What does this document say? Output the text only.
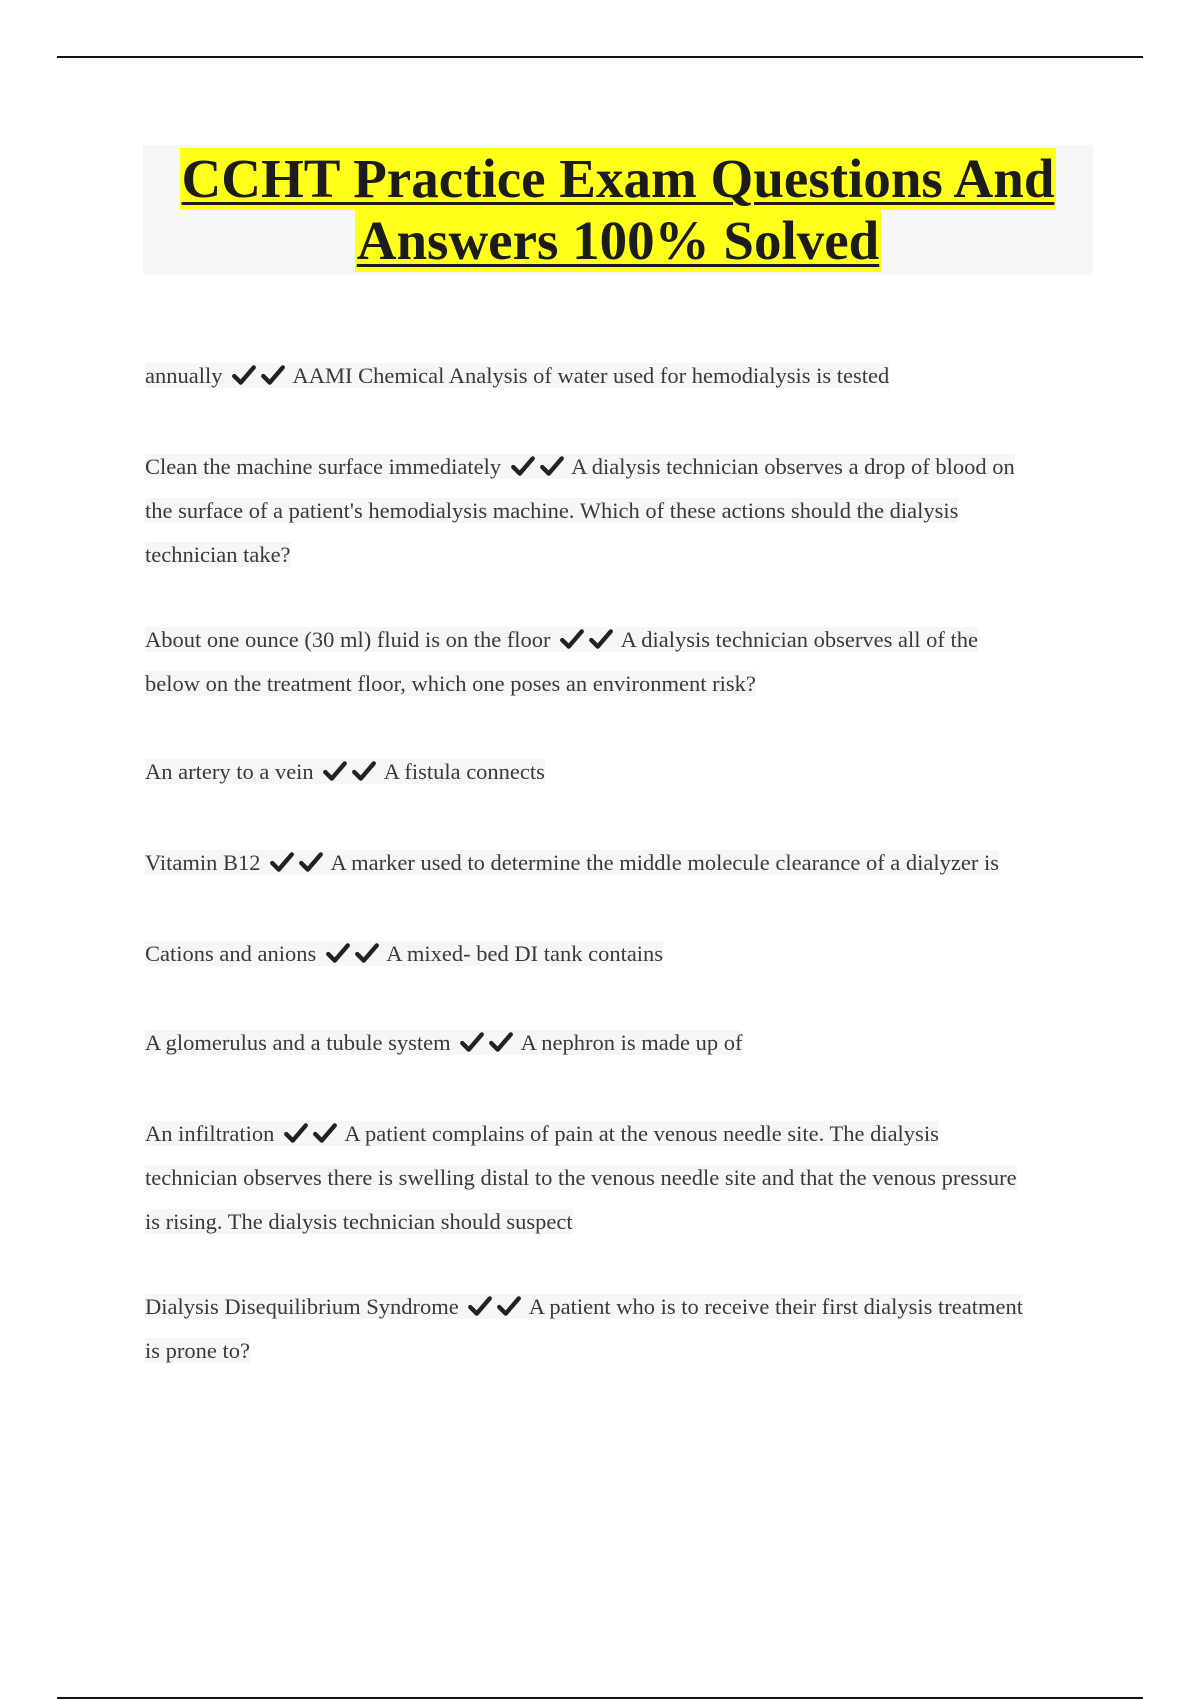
CCHT Practice Exam Questions And
Answers 100% Solved
annually	AAMI Chemical Analysis of water used for hemodialysis is tested
Clean the machine surface immediately	A dialysis technician observes a drop of blood on
the surface of a patient's hemodialysis machine. Which of these actions should the dialysis
technician take?
About one ounce (30 ml) fluid is on the floor	A dialysis technician observes all of the
below on the treatment floor, which one poses an environment risk?
An artery to a vein	A fistula connects
Vitamin B12	A marker used to determine the middle molecule clearance of a dialyzer is
Cations and anions	A mixed- bed DI tank contains
A glomerulus and a tubule system	A nephron is made up of
An infiltration	A patient complains of pain at the venous needle site. The dialysis
technician observes there is swelling distal to the venous needle site and that the venous pressure
is rising. The dialysis technician should suspect
Dialysis Disequilibrium Syndrome	A patient who is to receive their first dialysis treatment
is prone to?
